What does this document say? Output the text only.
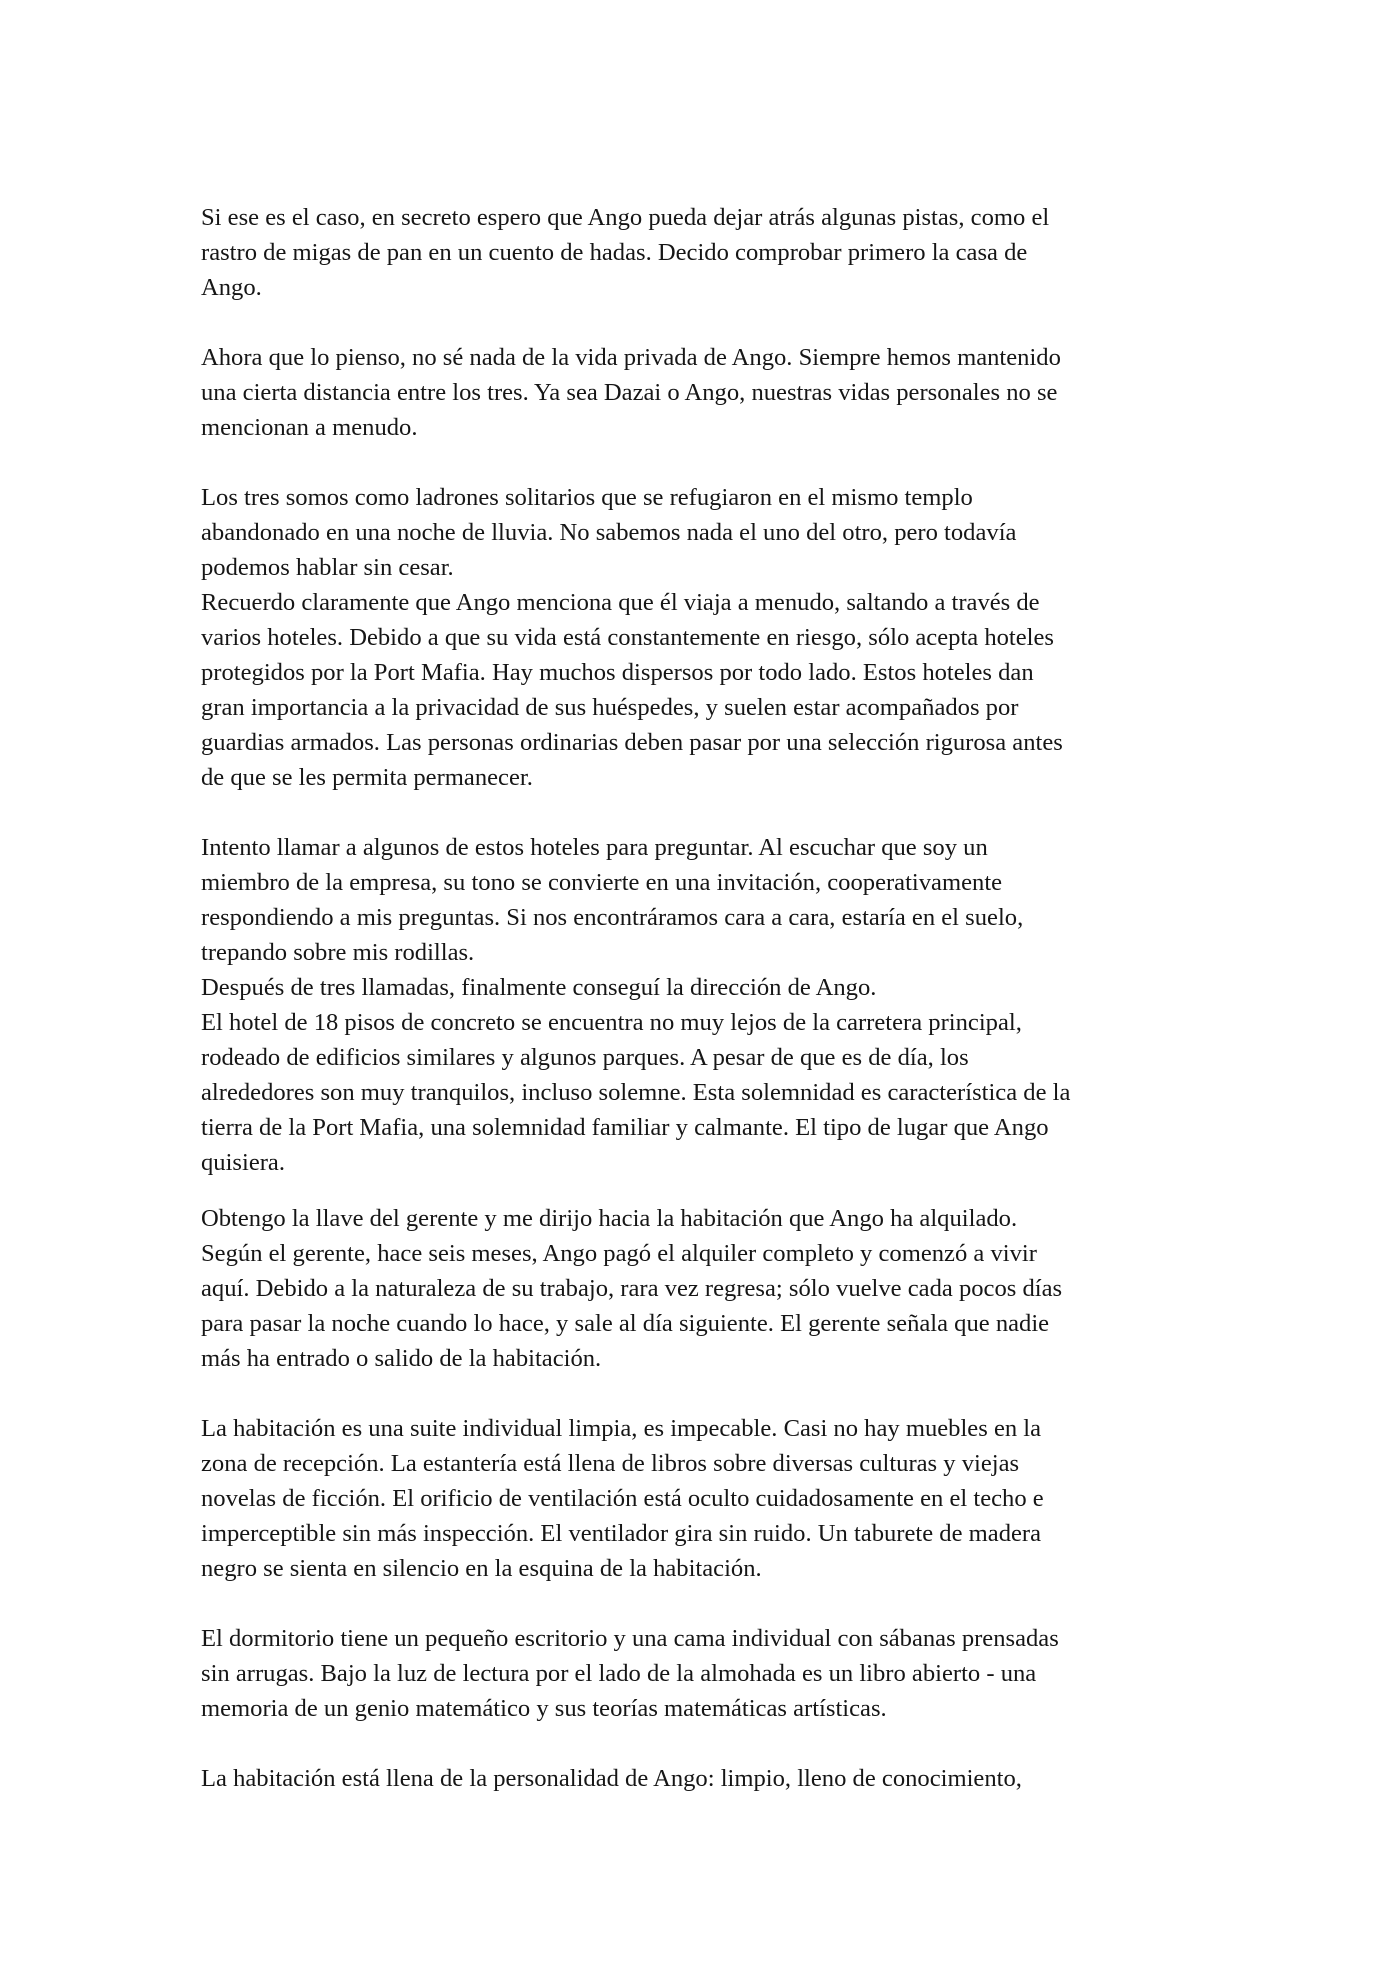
Si ese es el caso, en secreto espero que Ango pueda dejar atrás algunas pistas, como el
rastro de migas de pan en un cuento de hadas. Decido comprobar primero la casa de
Ango.

Ahora que lo pienso, no sé nada de la vida privada de Ango. Siempre hemos mantenido
una cierta distancia entre los tres. Ya sea Dazai o Ango, nuestras vidas personales no se
mencionan a menudo.

Los tres somos como ladrones solitarios que se refugiaron en el mismo templo
abandonado en una noche de lluvia. No sabemos nada el uno del otro, pero todavía
podemos hablar sin cesar.

Recuerdo claramente que Ango menciona que él viaja a menudo, saltando a través de
varios hoteles. Debido a que su vida está constantemente en riesgo, sólo acepta hoteles
protegidos por la Port Mafia. Hay muchos dispersos por todo lado. Estos hoteles dan
gran importancia a la privacidad de sus huéspedes, y suelen estar acompañados por
guardias armados. Las personas ordinarias deben pasar por una selección rigurosa antes
de que se les permita permanecer.

Intento llamar a algunos de estos hoteles para preguntar. Al escuchar que soy un
miembro de la empresa, su tono se convierte en una invitación, cooperativamente
respondiendo a mis preguntas. Si nos encontráramos cara a cara, estaría en el suelo,
trepando sobre mis rodillas.

Después de tres llamadas, finalmente conseguí la dirección de Ango.

El hotel de 18 pisos de concreto se encuentra no muy lejos de la carretera principal,
rodeado de edificios similares y algunos parques. A pesar de que es de día, los
alrededores son muy tranquilos, incluso solemne. Esta solemnidad es característica de la
tierra de la Port Mafia, una solemnidad familiar y calmante. El tipo de lugar que Ango
quisiera.

Obtengo la llave del gerente y me dirijo hacia la habitación que Ango ha alquilado.
Según el gerente, hace seis meses, Ango pagó el alquiler completo y comenzó a vivir
aquí. Debido a la naturaleza de su trabajo, rara vez regresa; sólo vuelve cada pocos días
para pasar la noche cuando lo hace, y sale al día siguiente. El gerente señala que nadie
más ha entrado o salido de la habitación.

La habitación es una suite individual limpia, es impecable. Casi no hay muebles en la
zona de recepción. La estantería está llena de libros sobre diversas culturas y viejas
novelas de ficción. El orificio de ventilación está oculto cuidadosamente en el techo e
imperceptible sin más inspección. El ventilador gira sin ruido. Un taburete de madera
negro se sienta en silencio en la esquina de la habitación.

El dormitorio tiene un pequeño escritorio y una cama individual con sábanas prensadas
sin arrugas. Bajo la luz de lectura por el lado de la almohada es un libro abierto - una
memoria de un genio matemático y sus teorías matemáticas artísticas.

La habitación está llena de la personalidad de Ango: limpio, lleno de conocimiento,
